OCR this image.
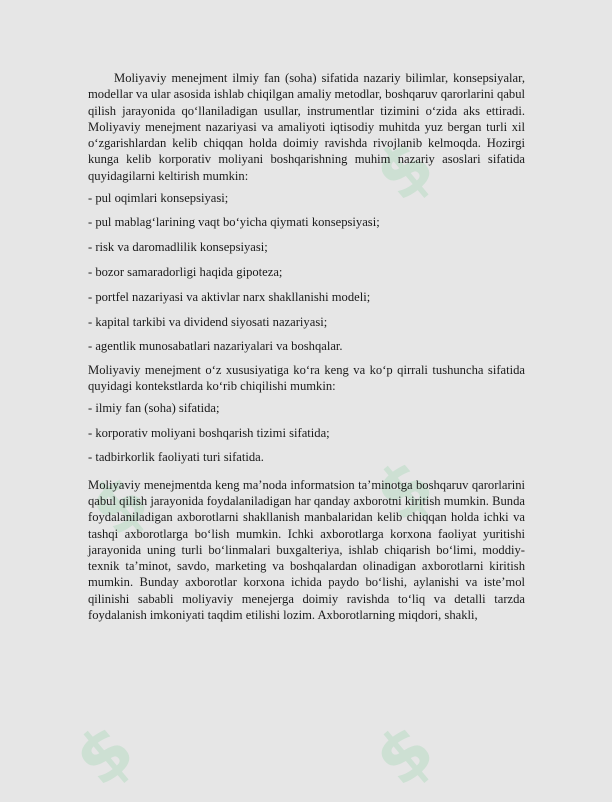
$
$
$
$	$

Moliyaviy menejment ilmiy fan (soha) sifatida nazariy bilimlar, konsepsiyalar, modellar va ular asosida ishlab chiqilgan amaliy metodlar, boshqaruv qarorlarini qabul qilish jarayonida qo‘llaniladigan usullar, instrumentlar tizimini o‘zida aks ettiradi. Moliyaviy menejment nazariyasi va amaliyoti iqtisodiy muhitda yuz bergan turli xil o‘zgarishlardan kelib chiqqan holda doimiy ravishda rivojlanib kelmoqda. Hozirgi kunga kelib korporativ moliyani boshqarishning muhim nazariy asoslari sifatida quyidagilarni keltirish mumkin:

- pul oqimlari konsepsiyasi;

- pul mablag‘larining vaqt bo‘yicha qiymati konsepsiyasi;

- risk va daromadlilik konsepsiyasi;

- bozor samaradorligi haqida gipoteza;

- portfel nazariyasi va aktivlar narx shakllanishi modeli;

- kapital tarkibi va dividend siyosati nazariyasi;

- agentlik munosabatlari nazariyalari va boshqalar.

Moliyaviy menejment o‘z xususiyatiga ko‘ra keng va ko‘p qirrali tushuncha sifatida quyidagi kontekstlarda ko‘rib chiqilishi mumkin:

- ilmiy fan (soha) sifatida;

- korporativ moliyani boshqarish tizimi sifatida;

- tadbirkorlik faoliyati turi sifatida.

Moliyaviy menejmentda keng ma’noda informatsion ta’minotga boshqaruv qarorlarini qabul qilish jarayonida foydalaniladigan har qanday axborotni kiritish mumkin. Bunda foydalaniladigan axborotlarni shakllanish manbalaridan kelib chiqqan holda ichki va tashqi axborotlarga bo‘lish mumkin. Ichki axborotlarga korxona faoliyat yuritishi jarayonida uning turli bo‘linmalari buxgalteriya, ishlab chiqarish bo‘limi, moddiy-texnik ta’minot, savdo, marketing va boshqalardan olinadigan axborotlarni kiritish mumkin. Bunday axborotlar korxona ichida paydo bo‘lishi, aylanishi va iste’mol qilinishi sababli moliyaviy menejerga doimiy ravishda to‘liq va detalli tarzda foydalanish imkoniyati taqdim etilishi lozim. Axborotlarning miqdori, shakli,
